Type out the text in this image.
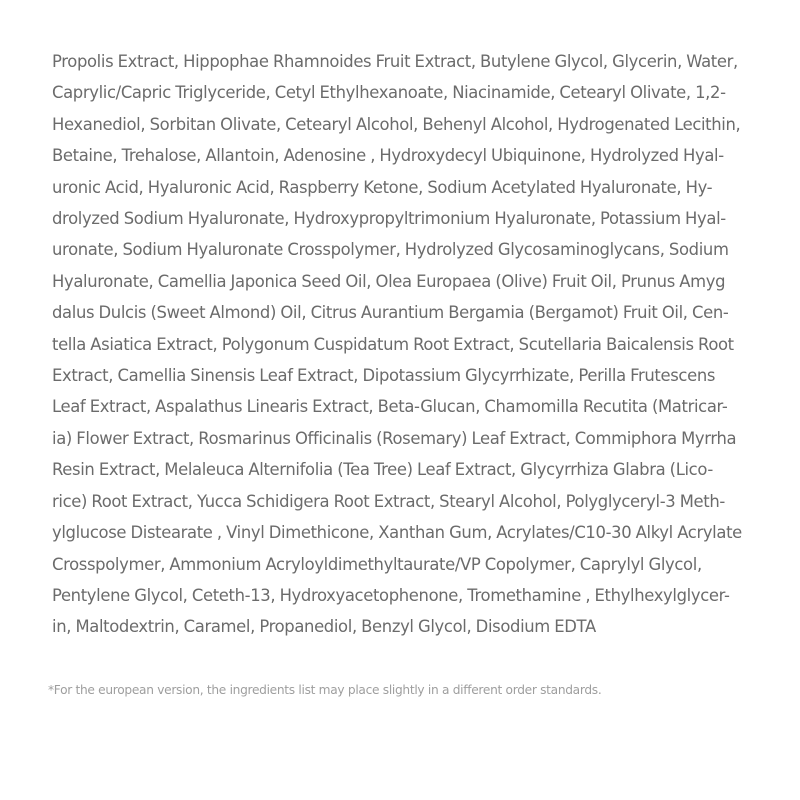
Propolis Extract, Hippophae Rhamnoides Fruit Extract, Butylene Glycol, Glycerin, Water,
Caprylic/Capric Triglyceride, Cetyl Ethylhexanoate, Niacinamide, Cetearyl Olivate, 1,2-
Hexanediol, Sorbitan Olivate, Cetearyl Alcohol, Behenyl Alcohol, Hydrogenated Lecithin,
Betaine, Trehalose, Allantoin, Adenosine , Hydroxydecyl Ubiquinone, Hydrolyzed Hyal-
uronic Acid, Hyaluronic Acid, Raspberry Ketone, Sodium Acetylated Hyaluronate, Hy-
drolyzed Sodium Hyaluronate, Hydroxypropyltrimonium Hyaluronate, Potassium Hyal-
uronate, Sodium Hyaluronate Crosspolymer, Hydrolyzed Glycosaminoglycans, Sodium
Hyaluronate, Camellia Japonica Seed Oil, Olea Europaea (Olive) Fruit Oil, Prunus Amyg
dalus Dulcis (Sweet Almond) Oil, Citrus Aurantium Bergamia (Bergamot) Fruit Oil, Cen-
tella Asiatica Extract, Polygonum Cuspidatum Root Extract, Scutellaria Baicalensis Root
Extract, Camellia Sinensis Leaf Extract, Dipotassium Glycyrrhizate, Perilla Frutescens
Leaf Extract, Aspalathus Linearis Extract, Beta-Glucan, Chamomilla Recutita (Matricar-
ia) Flower Extract, Rosmarinus Officinalis (Rosemary) Leaf Extract, Commiphora Myrrha
Resin Extract, Melaleuca Alternifolia (Tea Tree) Leaf Extract, Glycyrrhiza Glabra (Lico-
rice) Root Extract, Yucca Schidigera Root Extract, Stearyl Alcohol, Polyglyceryl-3 Meth-
ylglucose Distearate , Vinyl Dimethicone, Xanthan Gum, Acrylates/C10-30 Alkyl Acrylate
Crosspolymer, Ammonium Acryloyldimethyltaurate/VP Copolymer, Caprylyl Glycol,
Pentylene Glycol, Ceteth-13, Hydroxyacetophenone, Tromethamine , Ethylhexylglycer-
in, Maltodextrin, Caramel, Propanediol, Benzyl Glycol, Disodium EDTA

*For the european version, the ingredients list may place slightly in a different order standards.
